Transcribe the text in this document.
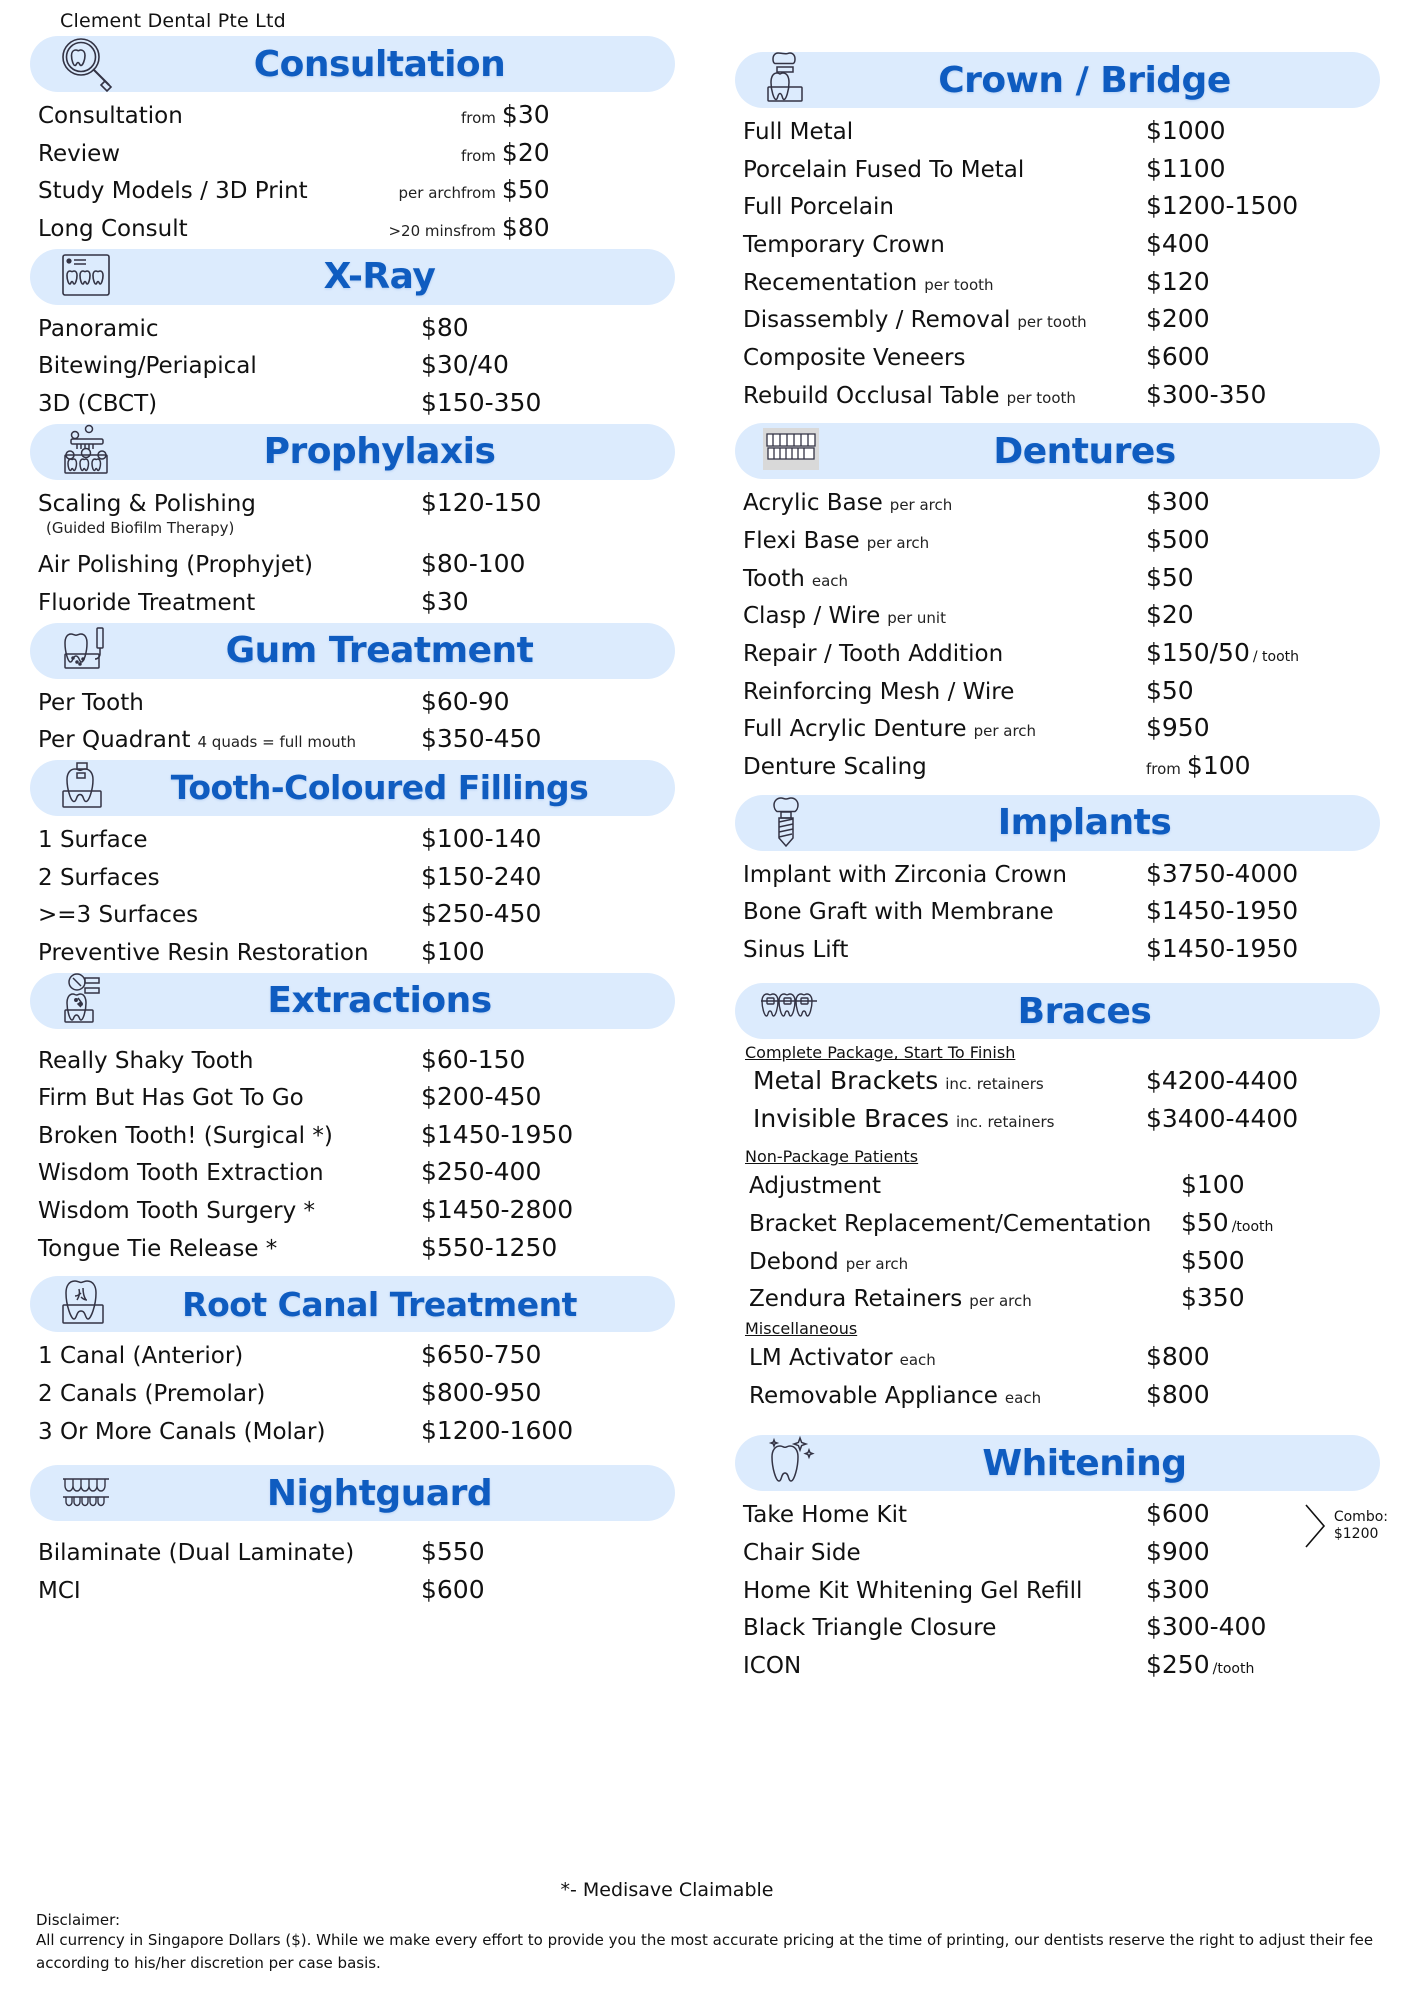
Clement Dental Pte Ltd
Consultation
Consultation	from $30
Review	from $20
Study Models / 3D Print	per arch from $50
Long Consult	>20 mins from $80
X-Ray
Panoramic	$80
Bitewing/Periapical	$30/40
3D (CBCT)	$150-350
Prophylaxis
Scaling & Polishing	$120-150
(Guided Biofilm Therapy)
Air Polishing (Prophyjet)	$80-100
Fluoride Treatment	$30
Gum Treatment
Per Tooth	$60-90
Per Quadrant 4 quads = full mouth	$350-450
Tooth-Coloured Fillings
1 Surface	$100-140
2 Surfaces	$150-240
>=3 Surfaces	$250-450
Preventive Resin Restoration	$100
Extractions
Really Shaky Tooth	$60-150
Firm But Has Got To Go	$200-450
Broken Tooth! (Surgical *)	$1450-1950
Wisdom Tooth Extraction	$250-400
Wisdom Tooth Surgery *	$1450-2800
Tongue Tie Release *	$550-1250
Root Canal Treatment
1 Canal (Anterior)	$650-750
2 Canals (Premolar)	$800-950
3 Or More Canals (Molar)	$1200-1600
Nightguard
Bilaminate (Dual Laminate)	$550
MCI	$600
Crown / Bridge
Full Metal	$1000
Porcelain Fused To Metal	$1100
Full Porcelain	$1200-1500
Temporary Crown	$400
Recementation per tooth	$120
Disassembly / Removal per tooth $200
Composite Veneers	$600
Rebuild Occlusal Table per tooth	$300-350
Dentures
Acrylic Base per arch	$300
Flexi Base per arch	$500
Tooth each	$50
Clasp / Wire per unit	$20
Repair / Tooth Addition	$150/50 / tooth
Reinforcing Mesh / Wire	$50
Full Acrylic Denture per arch	$950
Denture Scaling	from $100
Implants
Implant with Zirconia Crown	$3750-4000
Bone Graft with Membrane	$1450-1950
Sinus Lift	$1450-1950
Braces
Complete Package, Start To Finish
Metal Brackets inc. retainers	$4200-4400
Invisible Braces inc. retainers	$3400-4400
Non-Package Patients
Adjustment	$100
Bracket Replacement/Cementation	$50 /tooth
Debond per arch	$500
Zendura Retainers per arch	$350
Miscellaneous
LM Activator each	$800
Removable Appliance each	$800
Whitening
Combo:
$1200
Take Home Kit	$600
Chair Side	$900
Home Kit Whitening Gel Refill	$300
Black Triangle Closure	$300-400
ICON	$250 /tooth
*- Medisave Claimable
Disclaimer:
All currency in Singapore Dollars ($). While we make every effort to provide you the most accurate pricing at the time of printing, our dentists reserve the right to adjust their fee according to his/her discretion per case basis.
